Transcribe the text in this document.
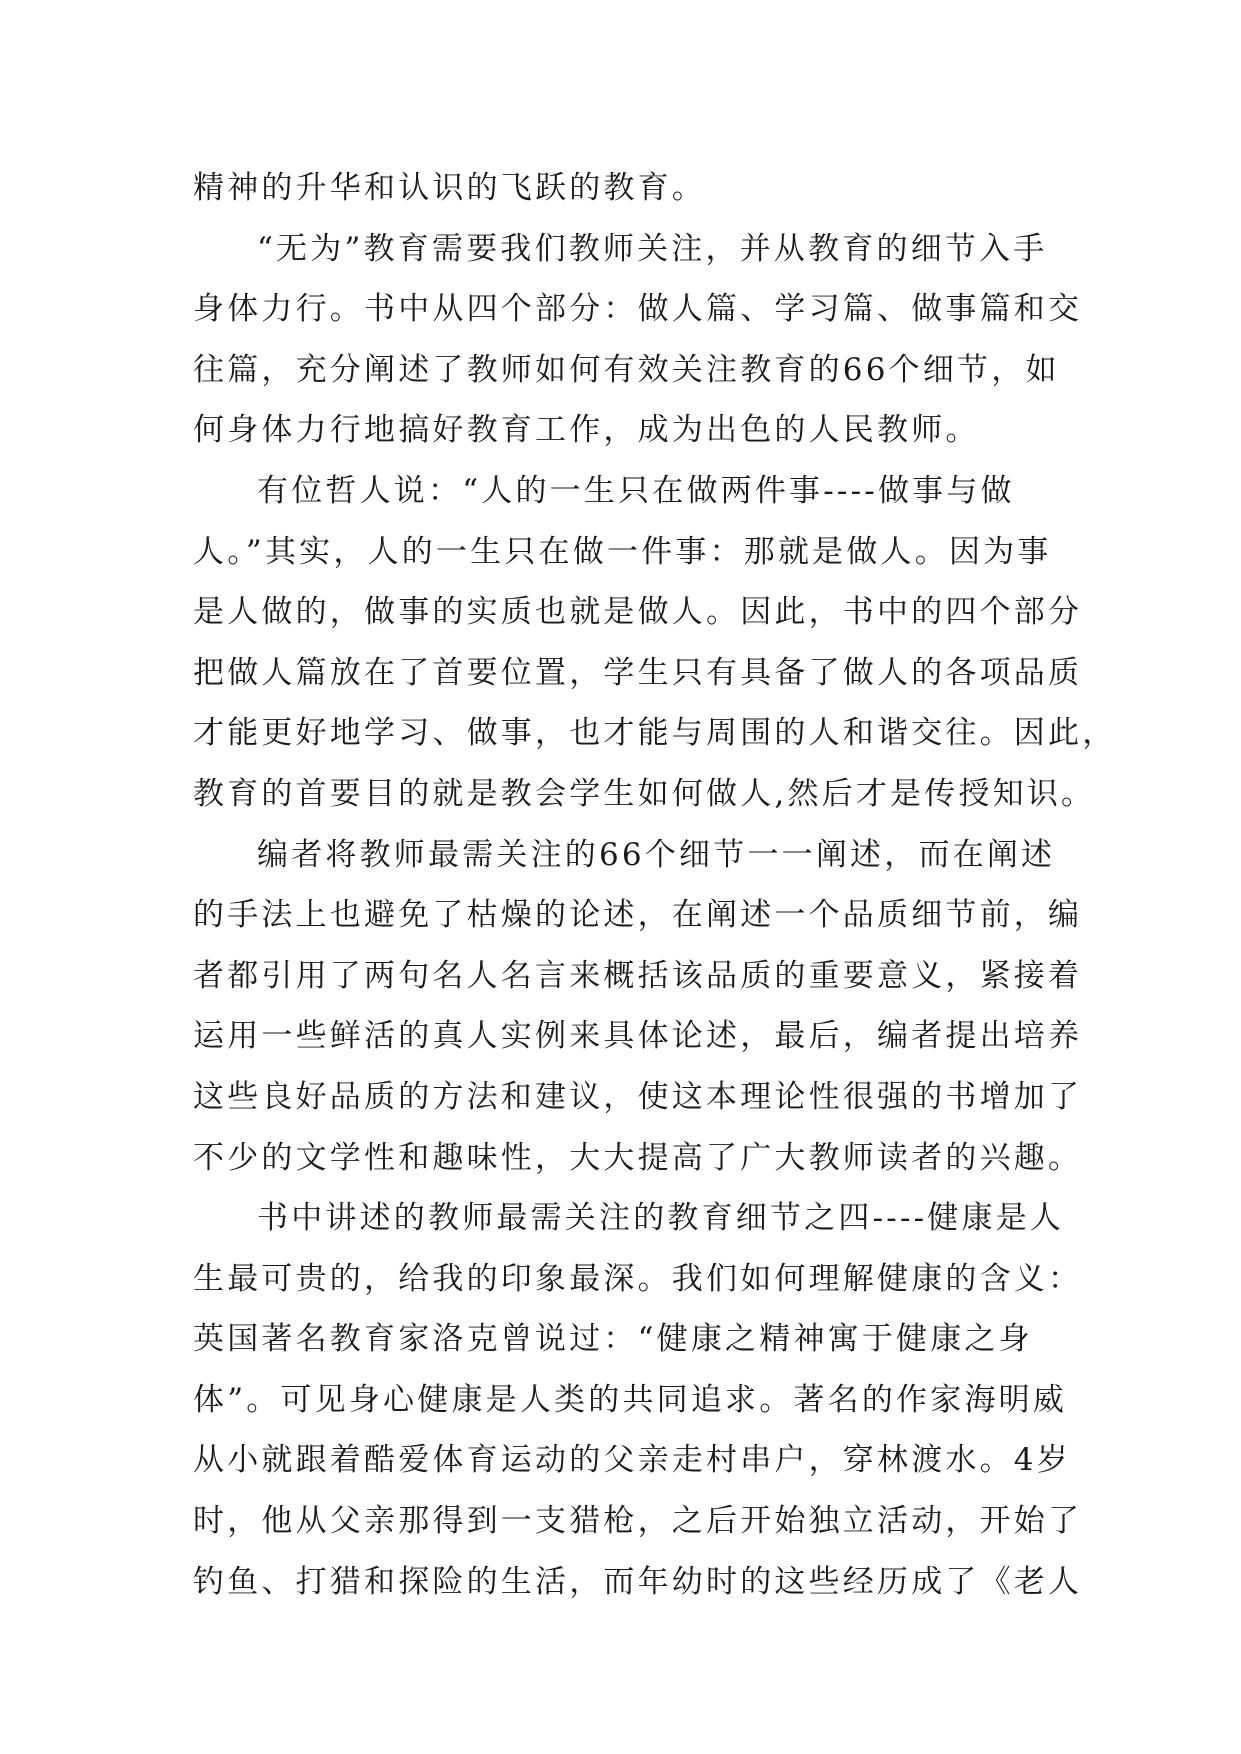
精神的升华和认识的飞跃的教育。
“无为”教育需要我们教师关注，并从教育的细节入手
身体力行。书中从四个部分：做人篇、学习篇、做事篇和交
往篇，充分阐述了教师如何有效关注教育的66个细节，如
何身体力行地搞好教育工作，成为出色的人民教师。
有位哲人说：“人的一生只在做两件事----做事与做
人。”其实，人的一生只在做一件事：那就是做人。因为事
是人做的，做事的实质也就是做人。因此，书中的四个部分
把做人篇放在了首要位置，学生只有具备了做人的各项品质
才能更好地学习、做事，也才能与周围的人和谐交往。因此，
教育的首要目的就是教会学生如何做人,然后才是传授知识。
编者将教师最需关注的66个细节一一阐述，而在阐述
的手法上也避免了枯燥的论述，在阐述一个品质细节前，编
者都引用了两句名人名言来概括该品质的重要意义，紧接着
运用一些鲜活的真人实例来具体论述，最后，编者提出培养
这些良好品质的方法和建议，使这本理论性很强的书增加了
不少的文学性和趣味性，大大提高了广大教师读者的兴趣。
书中讲述的教师最需关注的教育细节之四----健康是人
生最可贵的，给我的印象最深。我们如何理解健康的含义：
英国著名教育家洛克曾说过：“健康之精神寓于健康之身
体”。可见身心健康是人类的共同追求。著名的作家海明威
从小就跟着酷爱体育运动的父亲走村串户，穿林渡水。4岁
时，他从父亲那得到一支猎枪，之后开始独立活动，开始了
钓鱼、打猎和探险的生活，而年幼时的这些经历成了《老人
